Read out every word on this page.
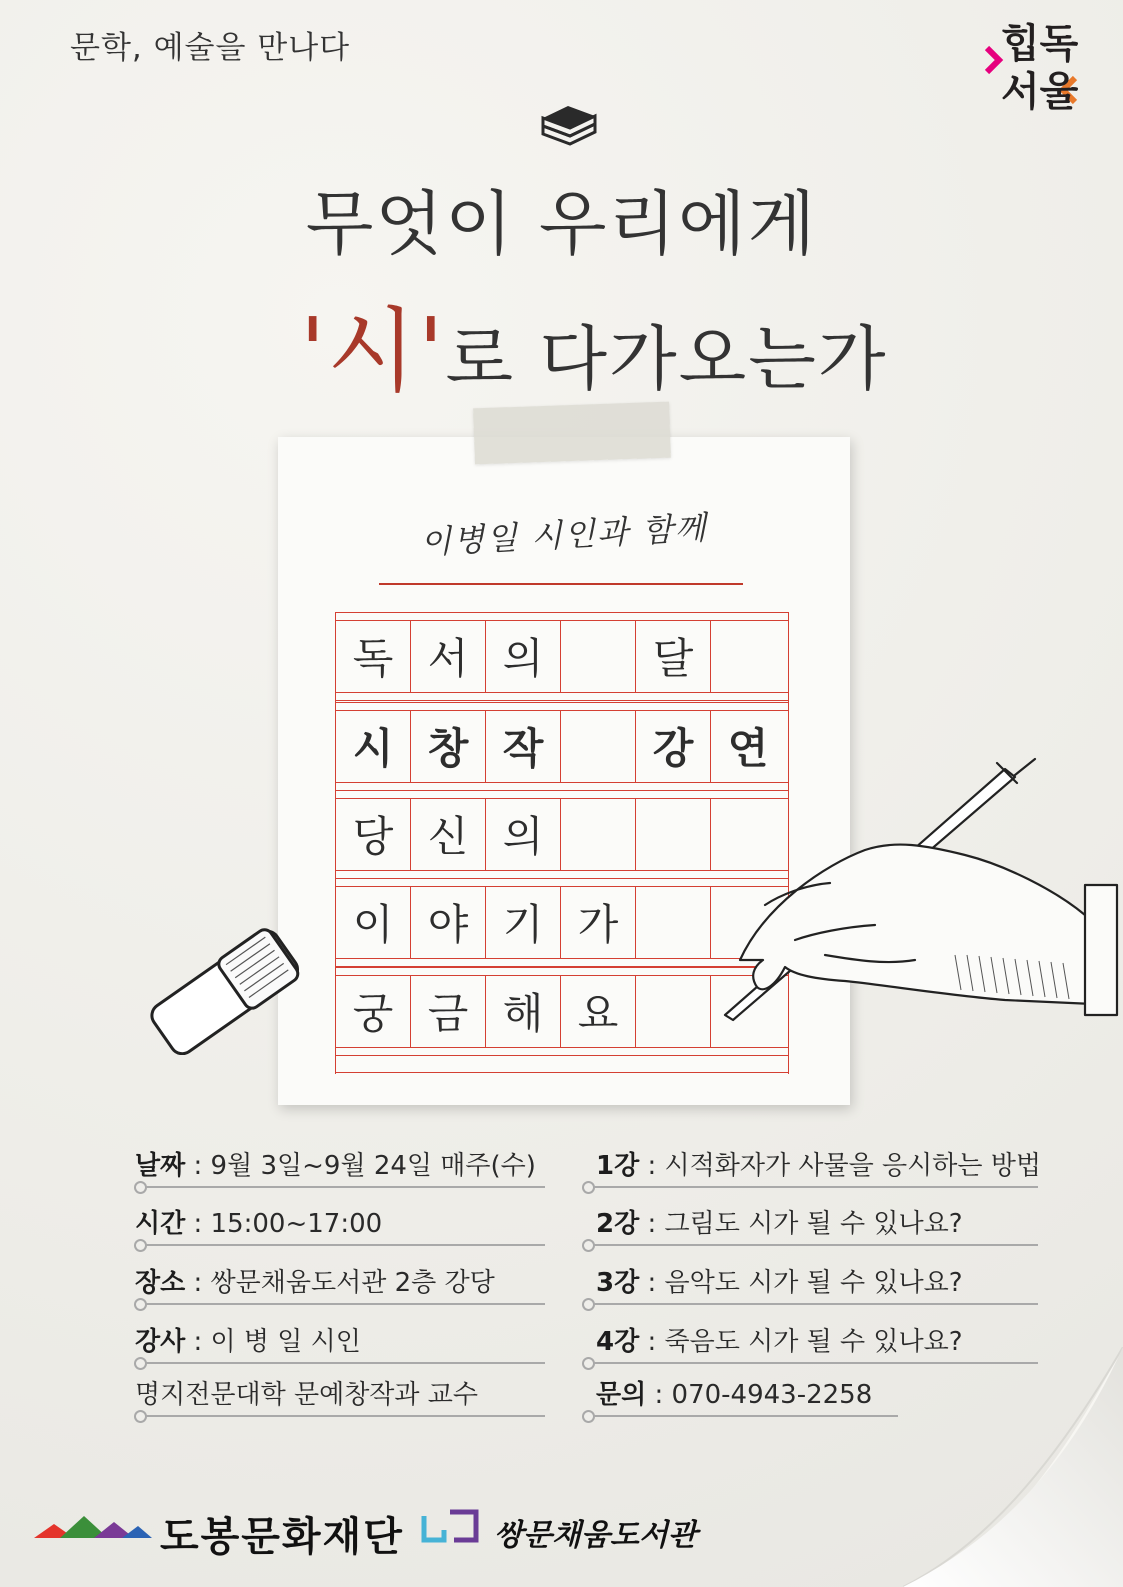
문학, 예술을 만나다	힙독
서울
무엇이 우리에게
'시'로 다가오는가
이병일 시인과 함께
독 서 의	달
시 창 작	강 연
당 신 의
이 야 기 가
궁 금 해 요
날짜 : 9월 3일~9월 24일 매주(수)
시간 : 15:00~17:00
장소 : 쌍문채움도서관 2층 강당
강사 : 이 병 일 시인
명지전문대학 문예창작과 교수
1강 : 시적화자가 사물을 응시하는 방법
2강 : 그림도 시가 될 수 있나요?
3강 : 음악도 시가 될 수 있나요?
4강 : 죽음도 시가 될 수 있나요?
문의 : 070-4943-2258
도봉문화재단	쌍문채움도서관
